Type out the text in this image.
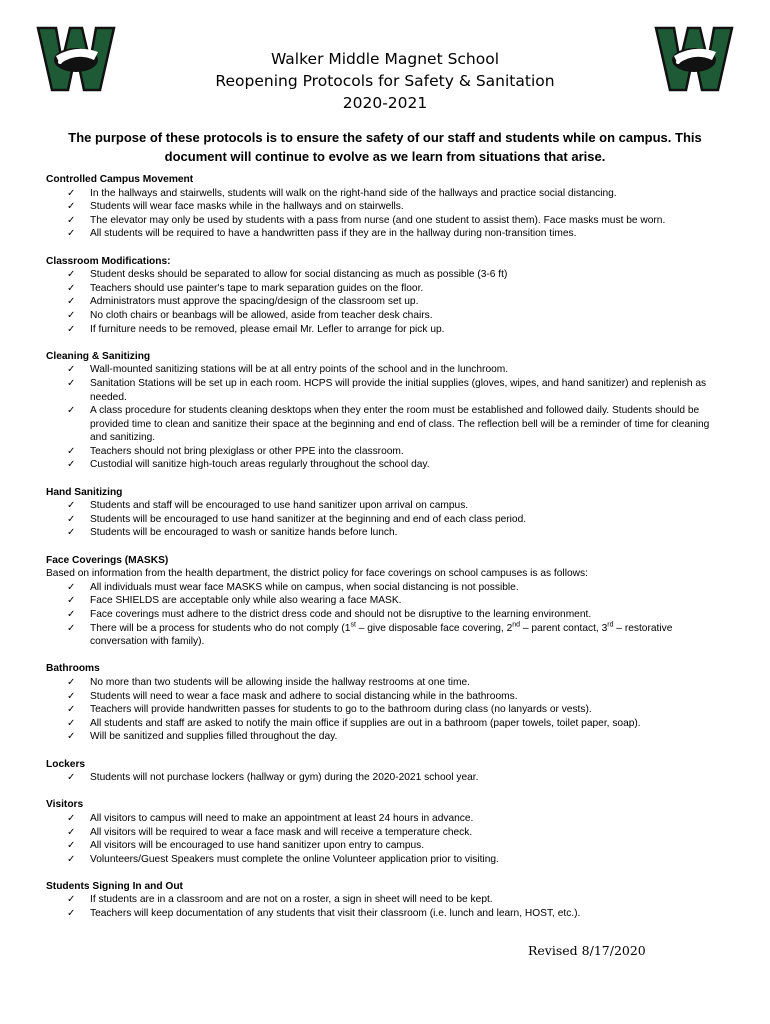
Walker Middle Magnet School
Reopening Protocols for Safety & Sanitation
2020-2021
The purpose of these protocols is to ensure the safety of our staff and students while on campus. This document will continue to evolve as we learn from situations that arise.
Controlled Campus Movement
✓ In the hallways and stairwells, students will walk on the right-hand side of the hallways and practice social distancing.
✓ Students will wear face masks while in the hallways and on stairwells.
✓ The elevator may only be used by students with a pass from nurse (and one student to assist them). Face masks must be worn.
✓ All students will be required to have a handwritten pass if they are in the hallway during non-transition times.
Classroom Modifications:
✓ Student desks should be separated to allow for social distancing as much as possible (3-6 ft)
✓ Teachers should use painter's tape to mark separation guides on the floor.
✓ Administrators must approve the spacing/design of the classroom set up.
✓ No cloth chairs or beanbags will be allowed, aside from teacher desk chairs.
✓ If furniture needs to be removed, please email Mr. Lefler to arrange for pick up.
Cleaning & Sanitizing
✓ Wall-mounted sanitizing stations will be at all entry points of the school and in the lunchroom.
✓ Sanitation Stations will be set up in each room. HCPS will provide the initial supplies (gloves, wipes, and hand sanitizer) and replenish as needed.
✓ A class procedure for students cleaning desktops when they enter the room must be established and followed daily. Students should be provided time to clean and sanitize their space at the beginning and end of class. The reflection bell will be a reminder of time for cleaning and sanitizing.
✓ Teachers should not bring plexiglass or other PPE into the classroom.
✓ Custodial will sanitize high-touch areas regularly throughout the school day.
Hand Sanitizing
✓ Students and staff will be encouraged to use hand sanitizer upon arrival on campus.
✓ Students will be encouraged to use hand sanitizer at the beginning and end of each class period.
✓ Students will be encouraged to wash or sanitize hands before lunch.
Face Coverings (MASKS)
Based on information from the health department, the district policy for face coverings on school campuses is as follows:
✓ All individuals must wear face MASKS while on campus, when social distancing is not possible.
✓ Face SHIELDS are acceptable only while also wearing a face MASK.
✓ Face coverings must adhere to the district dress code and should not be disruptive to the learning environment.
✓ There will be a process for students who do not comply (1st – give disposable face covering, 2nd – parent contact, 3rd – restorative conversation with family).
Bathrooms
✓ No more than two students will be allowing inside the hallway restrooms at one time.
✓ Students will need to wear a face mask and adhere to social distancing while in the bathrooms.
✓ Teachers will provide handwritten passes for students to go to the bathroom during class (no lanyards or vests).
✓ All students and staff are asked to notify the main office if supplies are out in a bathroom (paper towels, toilet paper, soap).
✓ Will be sanitized and supplies filled throughout the day.
Lockers
✓ Students will not purchase lockers (hallway or gym) during the 2020-2021 school year.
Visitors
✓ All visitors to campus will need to make an appointment at least 24 hours in advance.
✓ All visitors will be required to wear a face mask and will receive a temperature check.
✓ All visitors will be encouraged to use hand sanitizer upon entry to campus.
✓ Volunteers/Guest Speakers must complete the online Volunteer application prior to visiting.
Students Signing In and Out
✓ If students are in a classroom and are not on a roster, a sign in sheet will need to be kept.
✓ Teachers will keep documentation of any students that visit their classroom (i.e. lunch and learn, HOST, etc.).
Revised 8/17/2020
